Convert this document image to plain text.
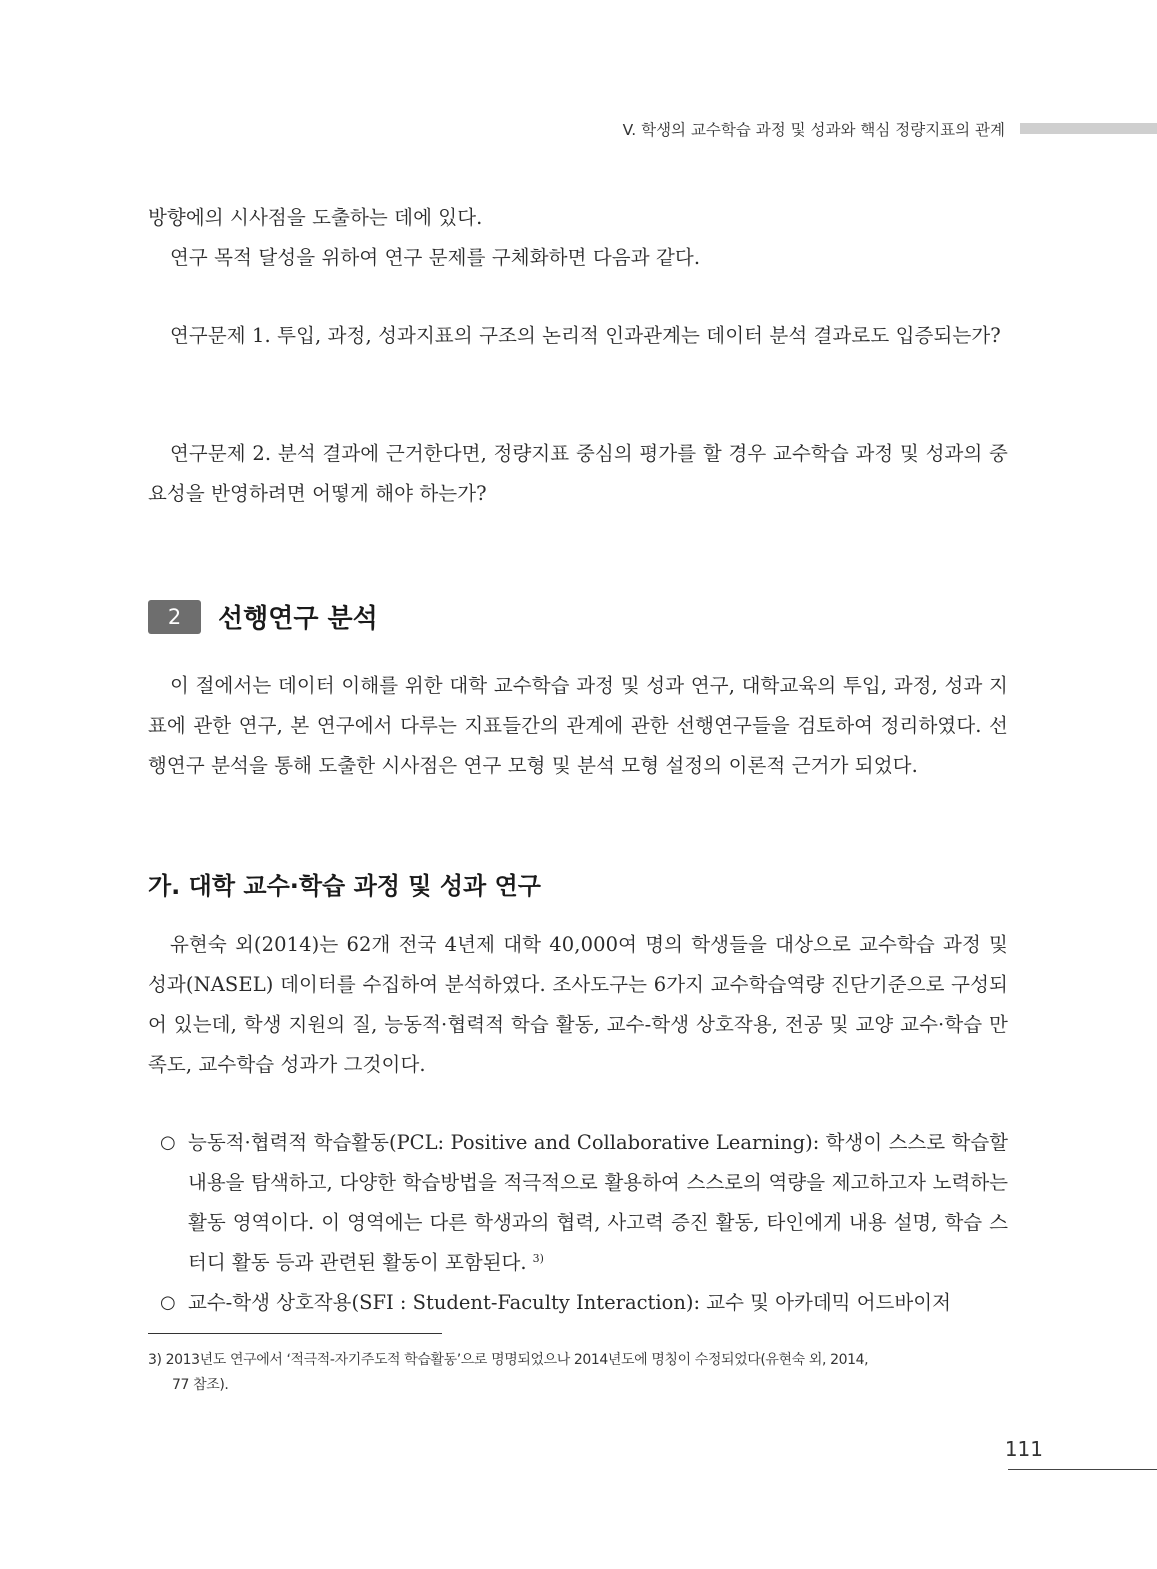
V. 학생의 교수학습 과정 및 성과와 핵심 정량지표의 관계

방향에의 시사점을 도출하는 데에 있다.

연구 목적 달성을 위하여 연구 문제를 구체화하면 다음과 같다.

연구문제 1. 투입, 과정, 성과지표의 구조의 논리적 인과관계는 데이터 분석 결과로도 입증되는가?

연구문제 2. 분석 결과에 근거한다면, 정량지표 중심의 평가를 할 경우 교수학습 과정 및 성과의 중요성을 반영하려면 어떻게 해야 하는가?

2	선행연구 분석

이 절에서는 데이터 이해를 위한 대학 교수학습 과정 및 성과 연구, 대학교육의 투입, 과정, 성과 지표에 관한 연구, 본 연구에서 다루는 지표들간의 관계에 관한 선행연구들을 검토하여 정리하였다. 선행연구 분석을 통해 도출한 시사점은 연구 모형 및 분석 모형 설정의 이론적 근거가 되었다.

가. 대학 교수·학습 과정 및 성과 연구

유현숙 외(2014)는 62개 전국 4년제 대학 40,000여 명의 학생들을 대상으로 교수학습 과정 및 성과(NASEL) 데이터를 수집하여 분석하였다. 조사도구는 6가지 교수학습역량 진단기준으로 구성되어 있는데, 학생 지원의 질, 능동적·협력적 학습 활동, 교수-학생 상호작용, 전공 및 교양 교수·학습 만족도, 교수학습 성과가 그것이다.

○ 능동적·협력적 학습활동(PCL: Positive and Collaborative Learning): 학생이 스스로 학습할 내용을 탐색하고, 다양한 학습방법을 적극적으로 활용하여 스스로의 역량을 제고하고자 노력하는 활동 영역이다. 이 영역에는 다른 학생과의 협력, 사고력 증진 활동, 타인에게 내용 설명, 학습 스터디 활동 등과 관련된 활동이 포함된다. $^{3)}$
○ 교수-학생 상호작용(SFI : Student-Faculty Interaction): 교수 및 아카데믹 어드바이저
3) 2013년도 연구에서 ‘적극적-자기주도적 학습활동’으로 명명되었으나 2014년도에 명칭이 수정되었다(유현숙 외, 2014,
77 참조).
111
